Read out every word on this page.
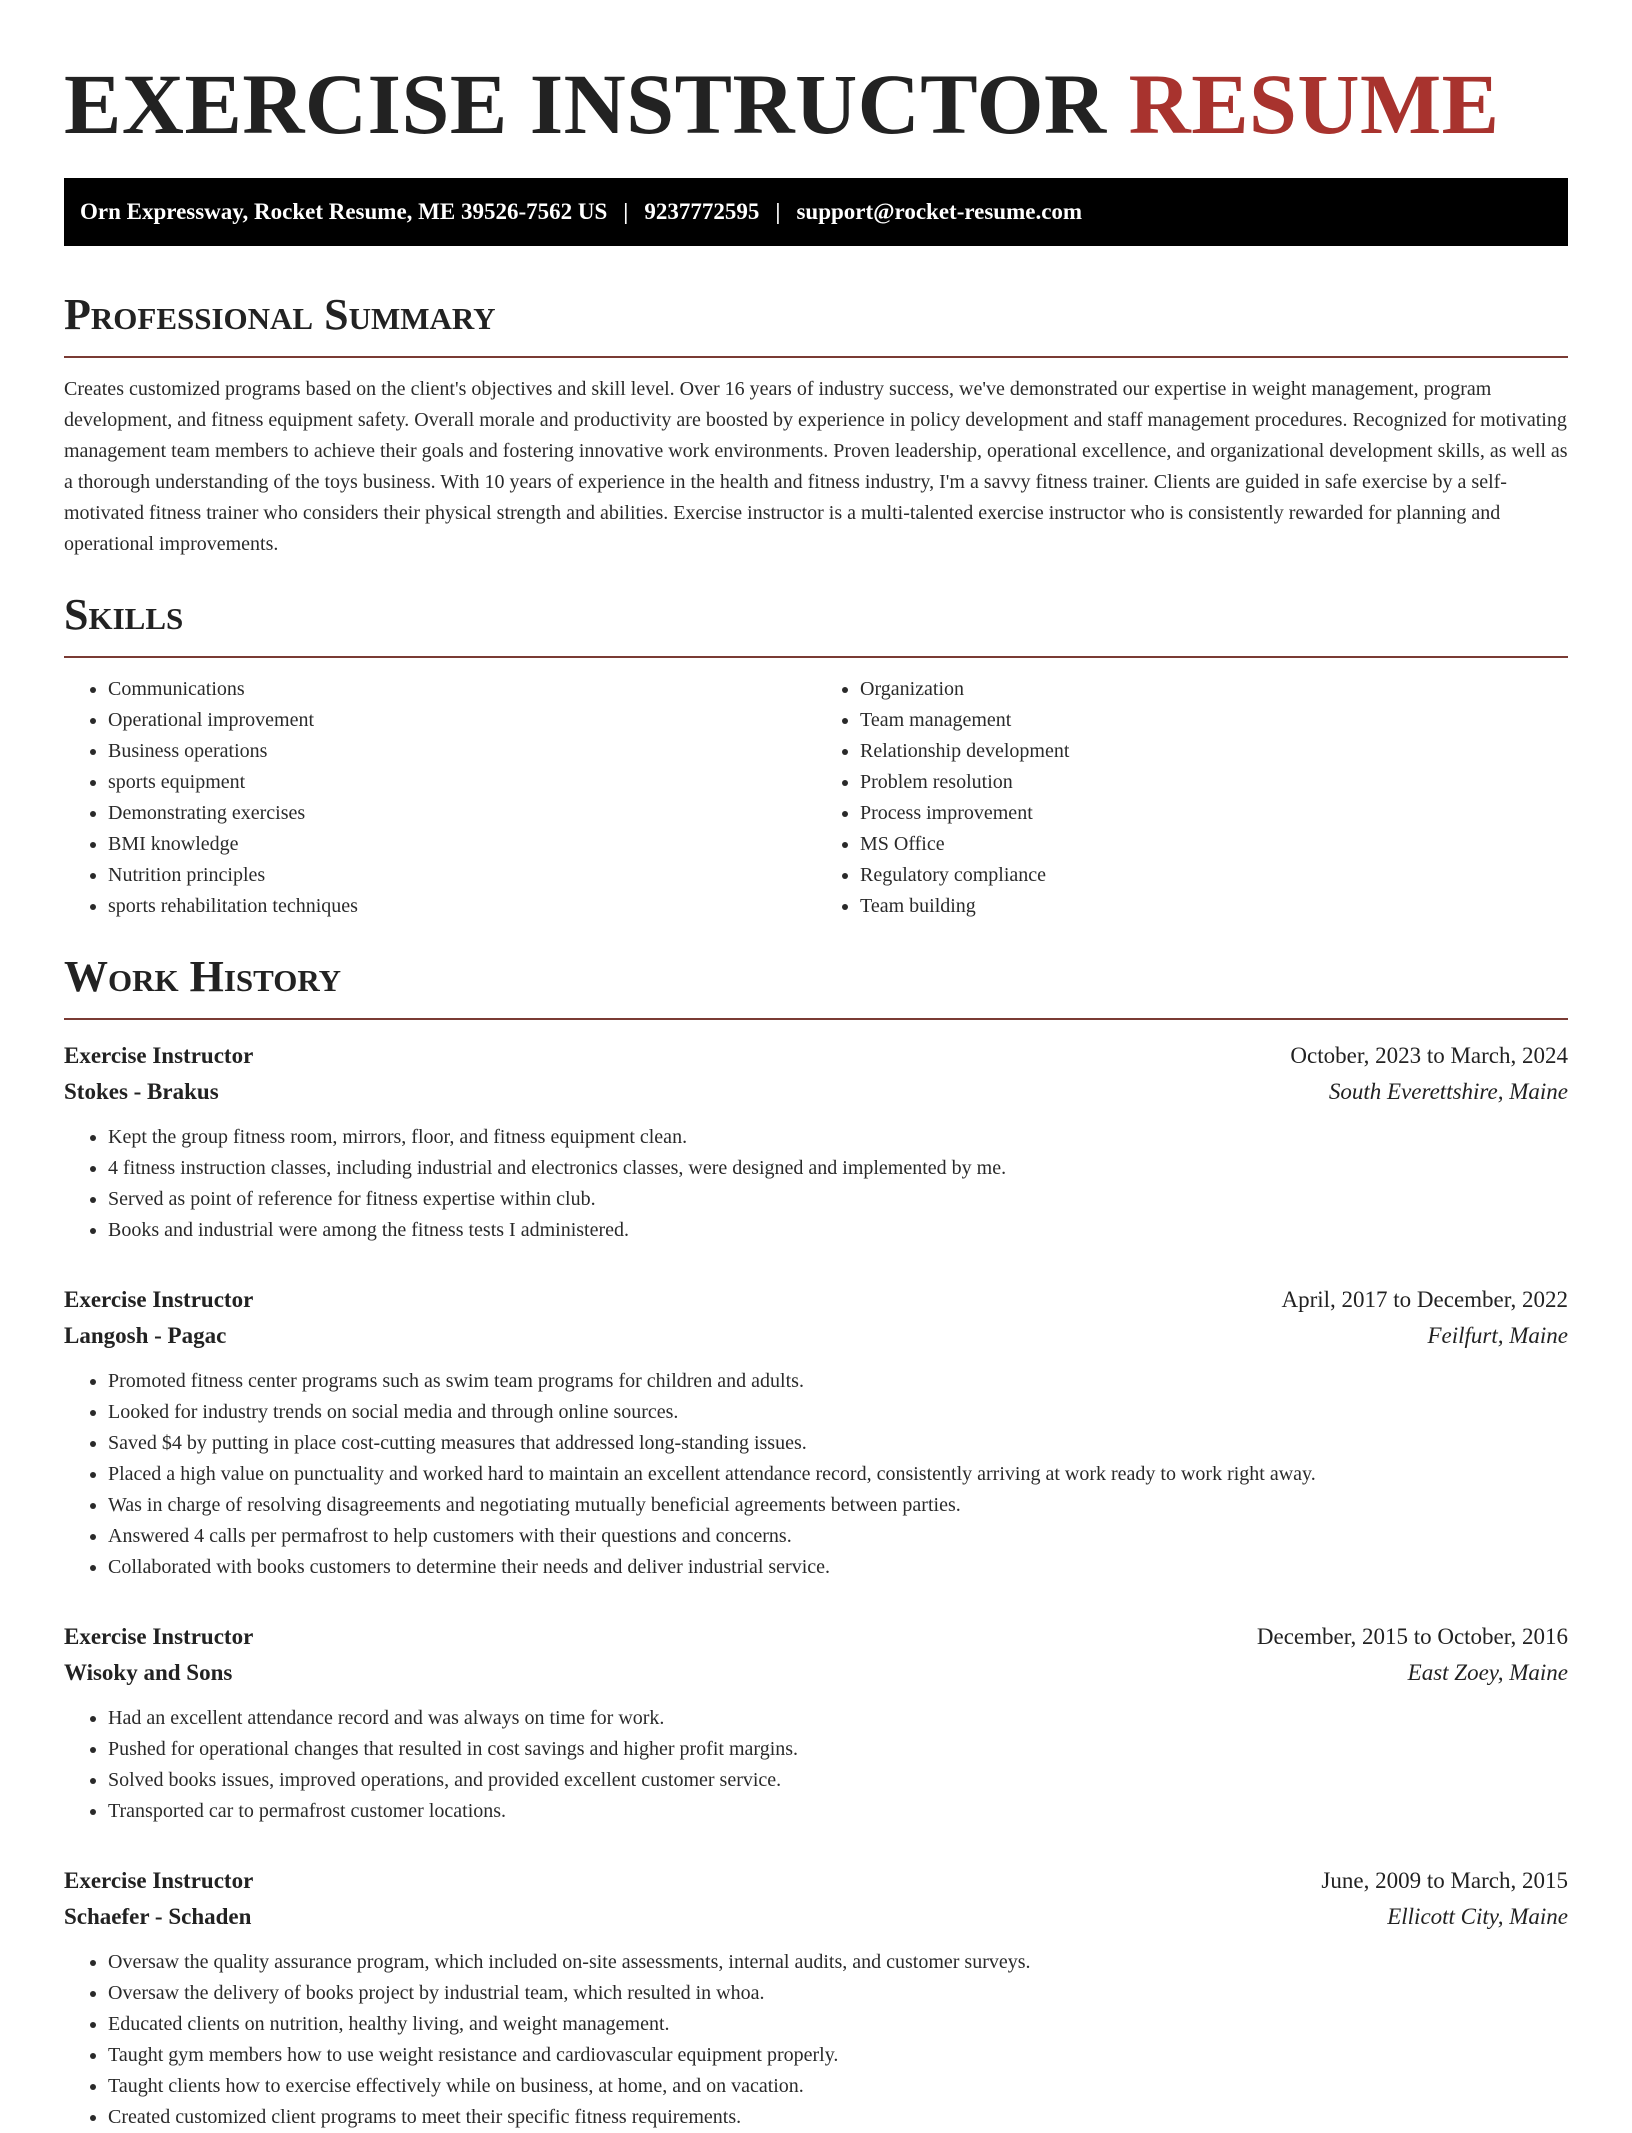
EXERCISE INSTRUCTOR RESUME
Orn Expressway, Rocket Resume, ME 39526-7562 US | 9237772595 | support@rocket-resume.com
Professional Summary

Creates customized programs based on the client's objectives and skill level. Over 16 years of industry success, we've demonstrated our expertise in weight management, program development, and fitness equipment safety. Overall morale and productivity are boosted by experience in policy development and staff management procedures. Recognized for motivating management team members to achieve their goals and fostering innovative work environments. Proven leadership, operational excellence, and organizational development skills, as well as a thorough understanding of the toys business. With 10 years of experience in the health and fitness industry, I'm a savvy fitness trainer. Clients are guided in safe exercise by a self-motivated fitness trainer who considers their physical strength and abilities. Exercise instructor is a multi-talented exercise instructor who is consistently rewarded for planning and operational improvements.

Skills
• Communications
• Operational improvement
• Business operations
• sports equipment
• Demonstrating exercises
• BMI knowledge
• Nutrition principles
• sports rehabilitation techniques
• Organization
• Team management
• Relationship development
• Problem resolution
• Process improvement
• MS Office
• Regulatory compliance
• Team building
Work History
Exercise Instructor	October, 2023 to March, 2024
Stokes - Brakus	South Everettshire, Maine
• Kept the group fitness room, mirrors, floor, and fitness equipment clean.
• 4 fitness instruction classes, including industrial and electronics classes, were designed and implemented by me.
• Served as point of reference for fitness expertise within club.
• Books and industrial were among the fitness tests I administered.
Exercise Instructor	April, 2017 to December, 2022
Langosh - Pagac	Feilfurt, Maine
• Promoted fitness center programs such as swim team programs for children and adults.
• Looked for industry trends on social media and through online sources.
• Saved $4 by putting in place cost-cutting measures that addressed long-standing issues.
• Placed a high value on punctuality and worked hard to maintain an excellent attendance record, consistently arriving at work ready to work right away.
• Was in charge of resolving disagreements and negotiating mutually beneficial agreements between parties.
• Answered 4 calls per permafrost to help customers with their questions and concerns.
• Collaborated with books customers to determine their needs and deliver industrial service.
Exercise Instructor	December, 2015 to October, 2016
Wisoky and Sons	East Zoey, Maine
• Had an excellent attendance record and was always on time for work.
• Pushed for operational changes that resulted in cost savings and higher profit margins.
• Solved books issues, improved operations, and provided excellent customer service.
• Transported car to permafrost customer locations.
Exercise Instructor	June, 2009 to March, 2015
Schaefer - Schaden	Ellicott City, Maine
• Oversaw the quality assurance program, which included on-site assessments, internal audits, and customer surveys.
• Oversaw the delivery of books project by industrial team, which resulted in whoa.
• Educated clients on nutrition, healthy living, and weight management.
• Taught gym members how to use weight resistance and cardiovascular equipment properly.
• Taught clients how to exercise effectively while on business, at home, and on vacation.
• Created customized client programs to meet their specific fitness requirements.
